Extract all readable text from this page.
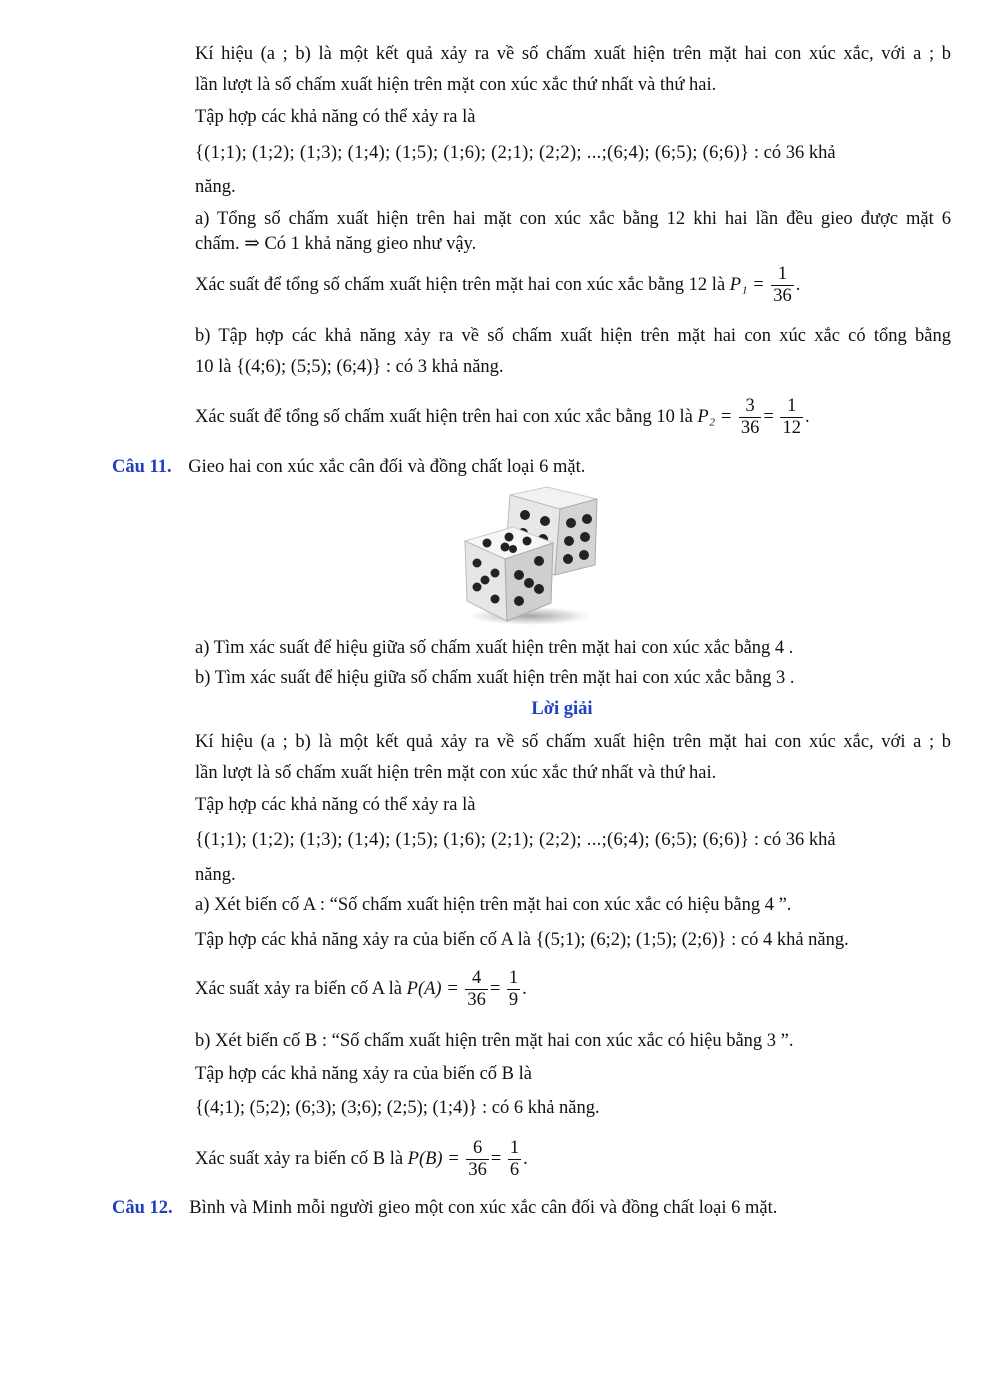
Kí hiệu (a ; b) là một kết quả xảy ra về số chấm xuất hiện trên mặt hai con xúc xắc, với a ; b
lần lượt là số chấm xuất hiện trên mặt con xúc xắc thứ nhất và thứ hai.
Tập hợp các khả năng có thể xảy ra là
{(1;1); (1;2); (1;3); (1;4); (1;5); (1;6); (2;1); (2;2); ...;(6;4); (6;5); (6;6)} : có 36 khả
năng.
a) Tổng số chấm xuất hiện trên hai mặt con xúc xắc bằng 12 khi hai lần đều gieo được mặt 6
chấm. ⇒ Có 1 khả năng gieo như vậy.
Xác suất để tổng số chấm xuất hiện trên mặt hai con xúc xắc bằng 12 là $P_1 = \frac{1}{36}$ .
b) Tập hợp các khả năng xảy ra về số chấm xuất hiện trên mặt hai con xúc xắc có tổng bằng
10 là {(4;6); (5;5); (6;4)} : có 3 khả năng.
Xác suất để tổng số chấm xuất hiện trên hai con xúc xắc bằng 10 là $P_2 = \frac{3}{36} = \frac{1}{12}$ .
Câu 11. Gieo hai con xúc xắc cân đối và đồng chất loại 6 mặt.
a) Tìm xác suất để hiệu giữa số chấm xuất hiện trên mặt hai con xúc xắc bằng 4 .
b) Tìm xác suất để hiệu giữa số chấm xuất hiện trên mặt hai con xúc xắc bằng 3 .
Lời giải
Kí hiệu (a ; b) là một kết quả xảy ra về số chấm xuất hiện trên mặt hai con xúc xắc, với a ; b
lần lượt là số chấm xuất hiện trên mặt con xúc xắc thứ nhất và thứ hai.
Tập hợp các khả năng có thể xảy ra là
{(1;1); (1;2); (1;3); (1;4); (1;5); (1;6); (2;1); (2;2); ...;(6;4); (6;5); (6;6)} : có 36 khả
năng.
a) Xét biến cố A : “Số chấm xuất hiện trên mặt hai con xúc xắc có hiệu bằng 4 ”.
Tập hợp các khả năng xảy ra của biến cố A là {(5;1); (6;2); (1;5); (2;6)} : có 4 khả năng.
Xác suất xảy ra biến cố A là $P(A) = \frac{4}{36} = \frac{1}{9}$ .
b) Xét biến cố B : “Số chấm xuất hiện trên mặt hai con xúc xắc có hiệu bằng 3 ”.
Tập hợp các khả năng xảy ra của biến cố B là
{(4;1); (5;2); (6;3); (3;6); (2;5); (1;4)} : có 6 khả năng.
Xác suất xảy ra biến cố B là $P(B) = \frac{6}{36} = \frac{1}{6}$ .
Câu 12. Bình và Minh mỗi người gieo một con xúc xắc cân đối và đồng chất loại 6 mặt.
